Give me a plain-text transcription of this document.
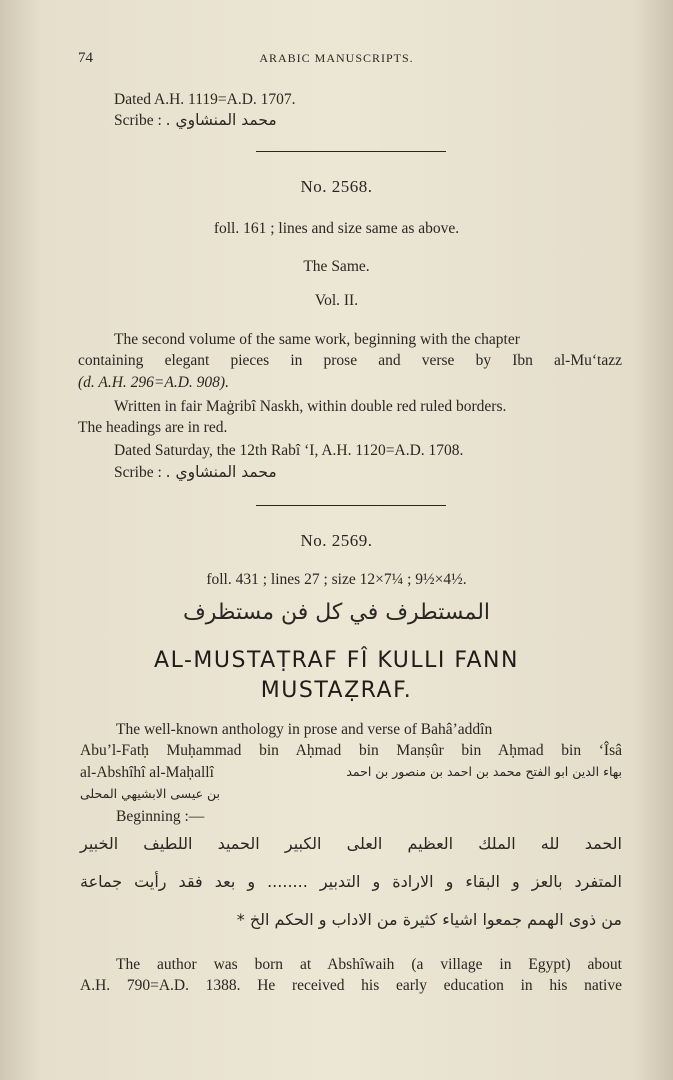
74	ARABIC MANUSCRIPTS.
Dated A.H. 1119=A.D. 1707.
Scribe : محمد المنشاوي .
No. 2568.
foll. 161 ; lines and size same as above.
The Same.
Vol. II.
The second volume of the same work, beginning with the chapter
containing elegant pieces in prose and verse by Ibn al-Mu‘tazz
(d. A.H. 296=A.D. 908).
Written in fair Maġribî Naskh, within double red ruled borders.
The headings are in red.
Dated Saturday, the 12th Rabî ‘I, A.H. 1120=A.D. 1708.
Scribe : محمد المنشاوي .
No. 2569.
foll. 431 ; lines 27 ; size 12×7¼ ; 9½×4½.
المستطرف في كل فن مستظرف
AL-MUSTAṬRAF FÎ KULLI FANN
MUSTAẒRAF.
The well-known anthology in prose and verse of Bahâ’addîn
Abu’l-Fatḥ Muḥammad bin Aḥmad bin Manṣûr bin Aḥmad bin ‘Îsâ
al-Abshîhî al-Maḥallî	بهاء الدين ابو الفتح محمد بن احمد بن منصور بن احمد
بن عيسى الابشيهي المحلى
Beginning :—
الحمد لله الملك العظيم العلى الكبير الحميد اللطيف الخبير
المتفرد بالعز و البقاء و الارادة و التدبير ........ و بعد فقد رأيت جماعة
من ذوى الهمم جمعوا اشياء كثيرة من الاداب و الحكم الخ *
The author was born at Abshîwaih (a village in Egypt) about
A.H. 790=A.D. 1388. He received his early education in his native
